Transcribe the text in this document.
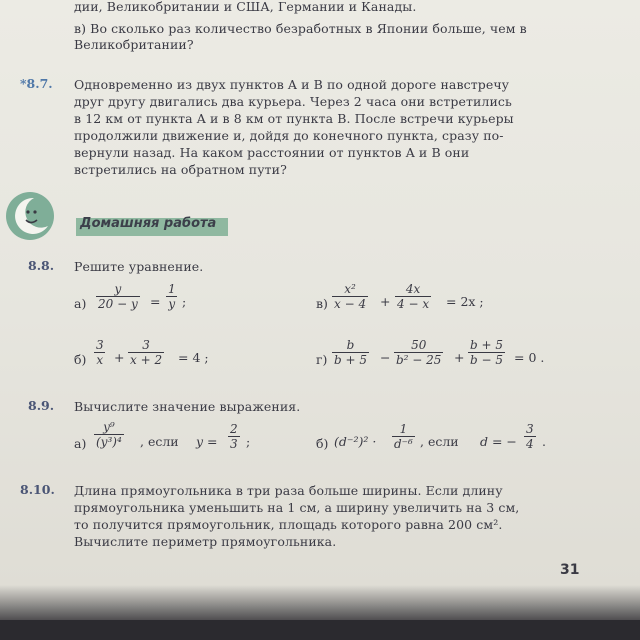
дии, Великобритании и США, Германии и Канады.
в) Во сколько раз количество безработных в Японии больше, чем в
Великобритании?
*8.7. Одновременно из двух пунктов A и B по одной дороге навстречу
друг другу двигались два курьера. Через 2 часа они встретились
в 12 км от пункта A и в 8 км от пункта B. После встречи курьеры
продолжили движение и, дойдя до конечного пункта, сразу по-
вернули назад. На каком расстоянии от пунктов A и B они
встретились на обратном пути?
Домашняя работа
8.8. Решите уравнение.
$а) \frac{y}{20 - y} = \frac{1}{y}$ ;	$в) \frac{\text{x²}}{x - 4} + \frac{4x}{4 - x} = 2x$ ;
$б) \frac{3}{x} + \frac{3}{x + 2} = 4$ ;	$г) \frac{b}{b + 5} - \frac{50}{\text{b² − 25}} + \frac{b + 5}{b - 5} = 0$ .
8.9. Вычислите значение выражения.
$а) \frac{\text{y⁹}}{\text{(y³)⁴}}$ , если $y = \frac{2}{3}$ ;	б) $(d^{-2})^2 \cdot \frac{1}{\text{d⁻⁶}}$ , если d = − $\frac{3}{4}$ .
8.10. Длина прямоугольника в три раза больше ширины. Если длину
прямоугольника уменьшить на 1 см, а ширину увеличить на 3 см,
то получится прямоугольник, площадь которого равна 200 см².
Вычислите периметр прямоугольника.
31
